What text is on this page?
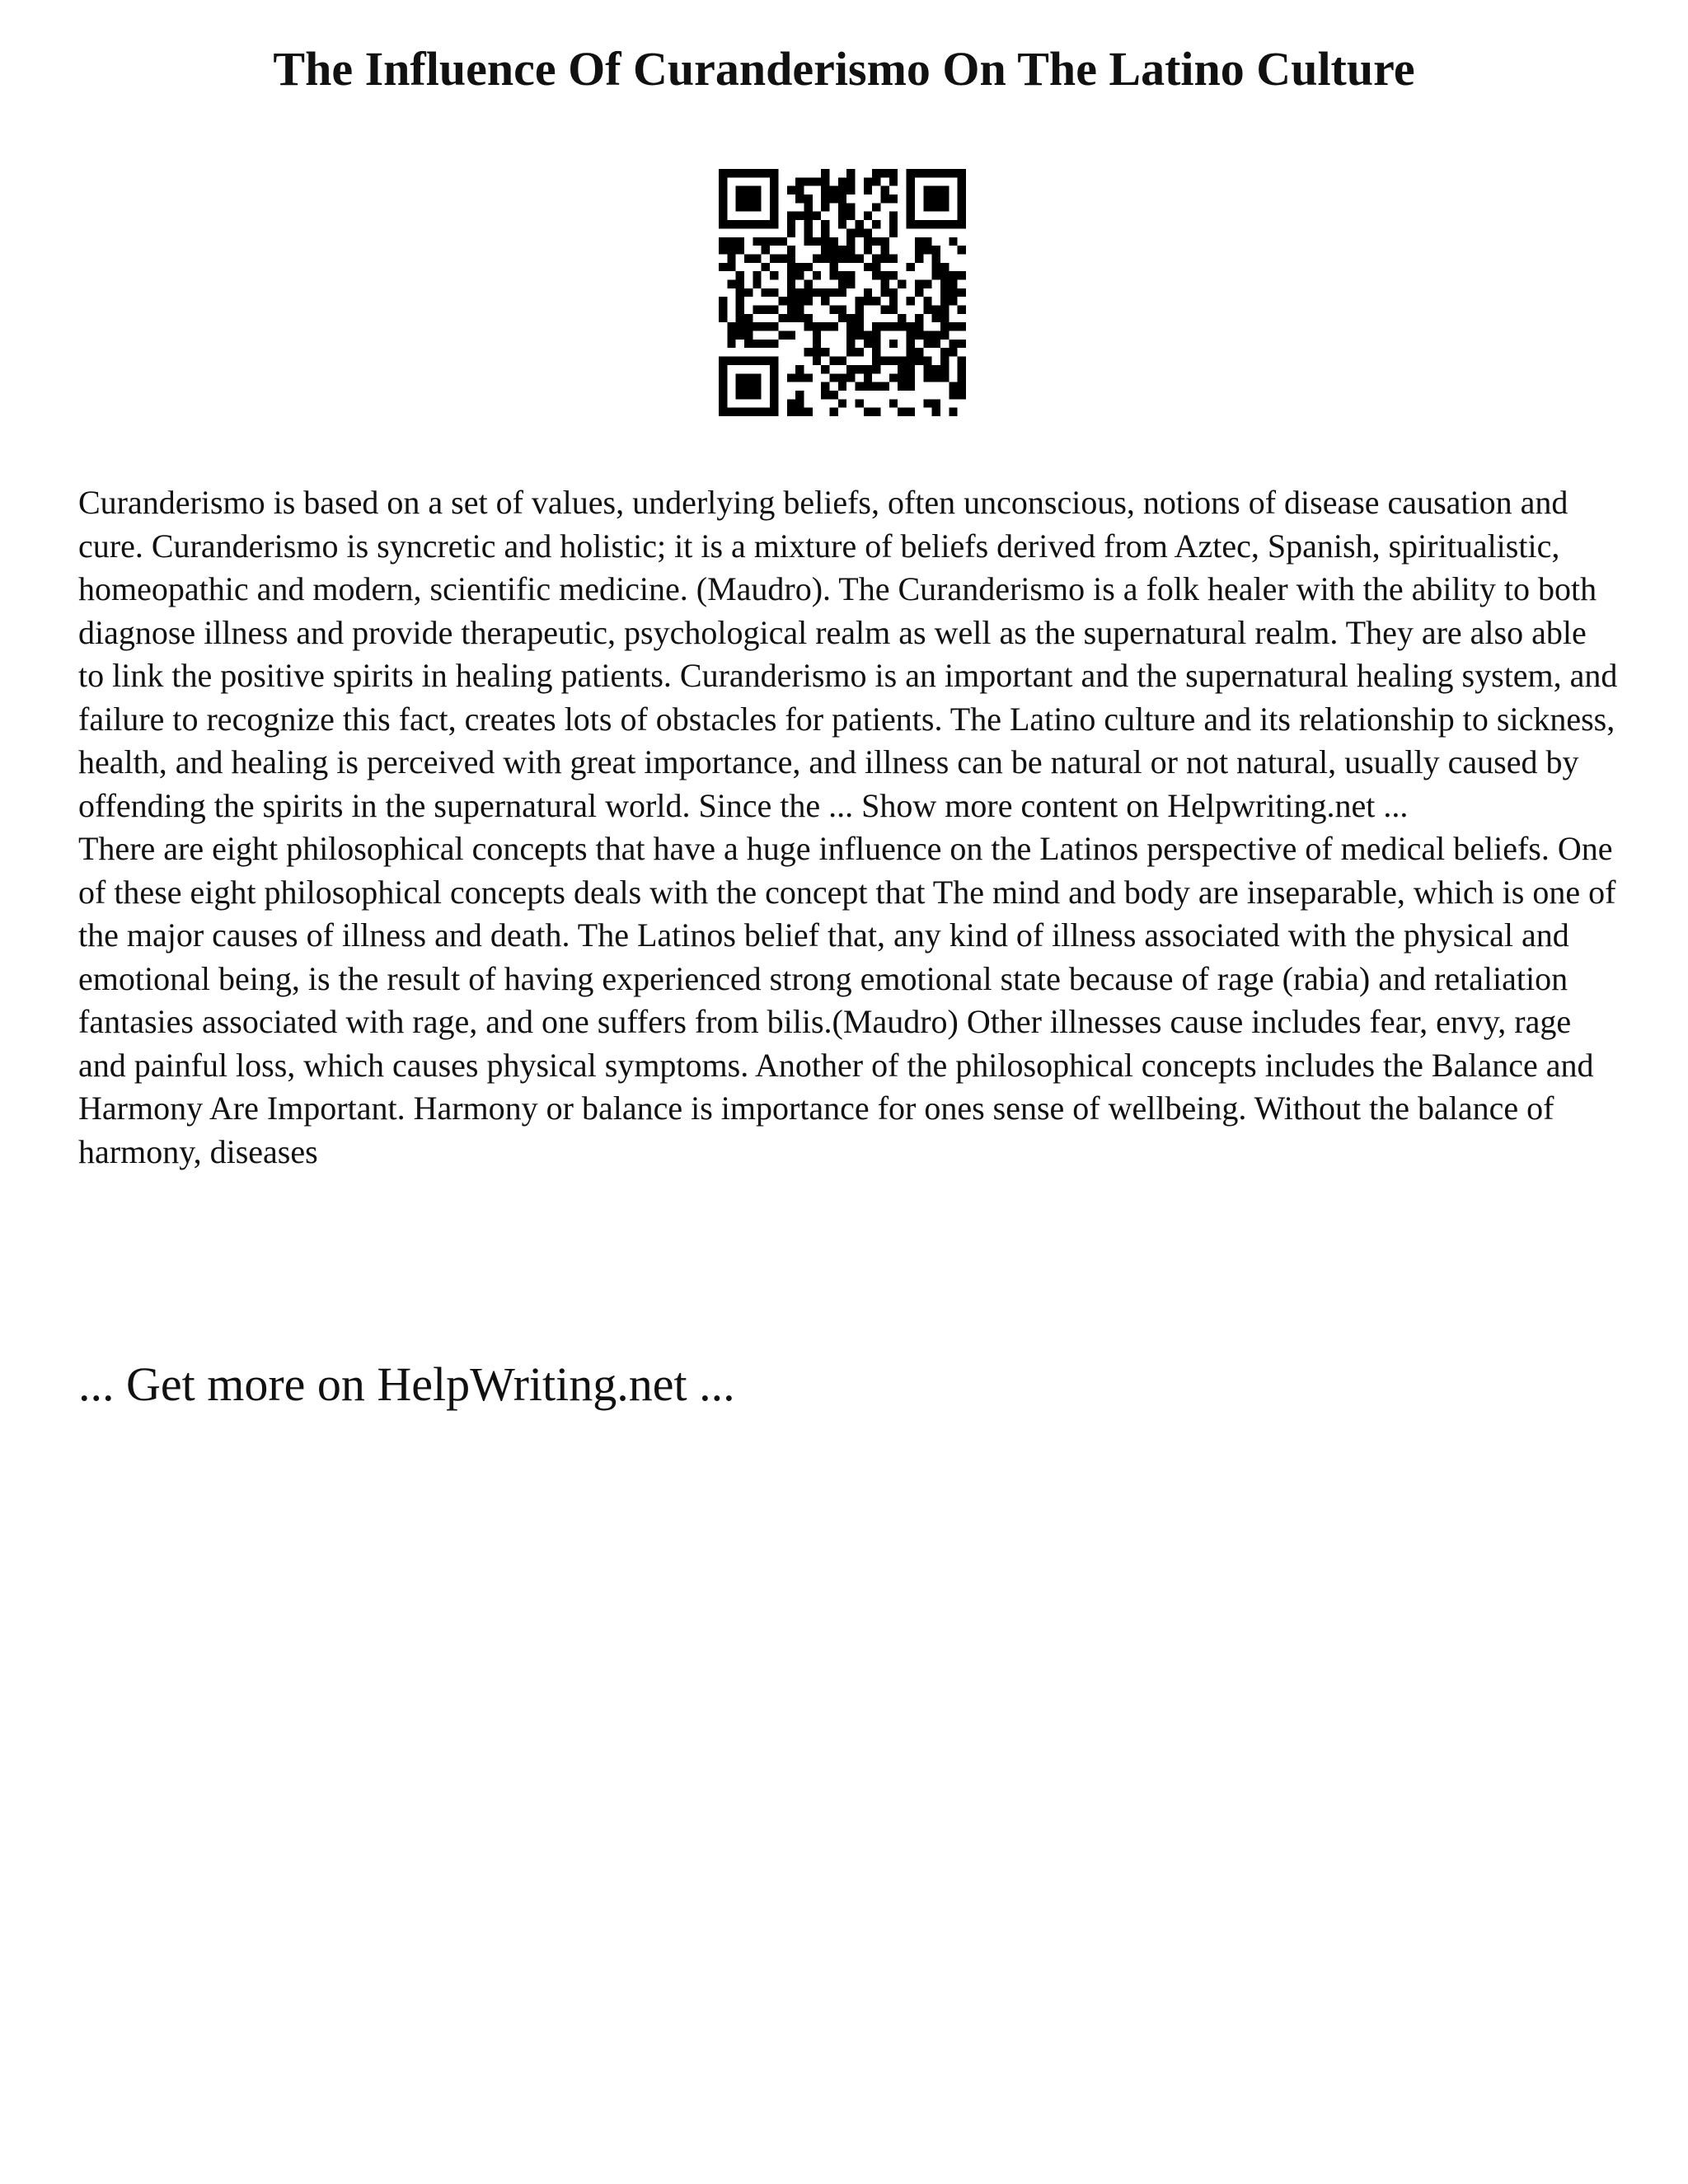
The Influence Of Curanderismo On The Latino Culture

Curanderismo is based on a set of values, underlying beliefs, often unconscious, notions of disease causation and cure. Curanderismo is syncretic and holistic; it is a mixture of beliefs derived from Aztec, Spanish, spiritualistic, homeopathic and modern, scientific medicine. (Maudro). The Curanderismo is a folk healer with the ability to both diagnose illness and provide therapeutic, psychological realm as well as the supernatural realm. They are also able to link the positive spirits in healing patients. Curanderismo is an important and the supernatural healing system, and failure to recognize this fact, creates lots of obstacles for patients. The Latino culture and its relationship to sickness, health, and healing is perceived with great importance, and illness can be natural or not natural, usually caused by offending the spirits in the supernatural world. Since the ... Show more content on Helpwriting.net ...

There are eight philosophical concepts that have a huge influence on the Latinos perspective of medical beliefs. One of these eight philosophical concepts deals with the concept that The mind and body are inseparable, which is one of the major causes of illness and death. The Latinos belief that, any kind of illness associated with the physical and emotional being, is the result of having experienced strong emotional state because of rage (rabia) and retaliation fantasies associated with rage, and one suffers from bilis.(Maudro) Other illnesses cause includes fear, envy, rage and painful loss, which causes physical symptoms. Another of the philosophical concepts includes the Balance and Harmony Are Important. Harmony or balance is importance for ones sense of wellbeing. Without the balance of harmony, diseases

... Get more on HelpWriting.net ...
